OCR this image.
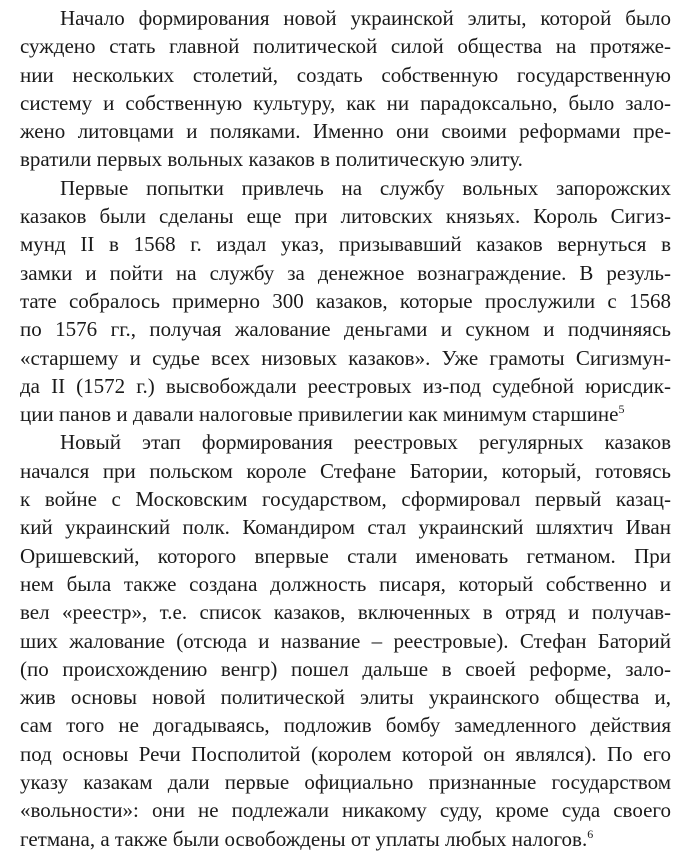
Начало формирования новой украинской элиты, которой было
суждено стать главной политической силой общества на протяже-
нии нескольких столетий, создать собственную государственную
систему и собственную культуру, как ни парадоксально, было зало-
жено литовцами и поляками. Именно они своими реформами пре-
вратили первых вольных казаков в политическую элиту.
Первые попытки привлечь на службу вольных запорожских
казаков были сделаны еще при литовских князьях. Король Сигиз-
мунд II в 1568 г. издал указ, призывавший казаков вернуться в
замки и пойти на службу за денежное вознаграждение. В резуль-
тате собралось примерно 300 казаков, которые прослужили с 1568
по 1576 гг., получая жалование деньгами и сукном и подчиняясь
«старшему и судье всех низовых казаков». Уже грамоты Сигизмун-
да II (1572 г.) высвобождали реестровых из-под судебной юрисдик-
ции панов и давали налоговые привилегии как минимум старшине$^5$
Новый этап формирования реестровых регулярных казаков
начался при польском короле Стефане Батории, который, готовясь
к войне с Московским государством, сформировал первый казац-
кий украинский полк. Командиром стал украинский шляхтич Иван
Оришевский, которого впервые стали именовать гетманом. При
нем была также создана должность писаря, который собственно и
вел «реестр», т.е. список казаков, включенных в отряд и получав-
ших жалование (отсюда и название – реестровые). Стефан Баторий
(по происхождению венгр) пошел дальше в своей реформе, зало-
жив основы новой политической элиты украинского общества и,
сам того не догадываясь, подложив бомбу замедленного действия
под основы Речи Посполитой (королем которой он являлся). По его
указу казакам дали первые официально признанные государством
«вольности»: они не подлежали никакому суду, кроме суда своего
гетмана, а также были освобождены от уплаты любых налогов.$^6$
